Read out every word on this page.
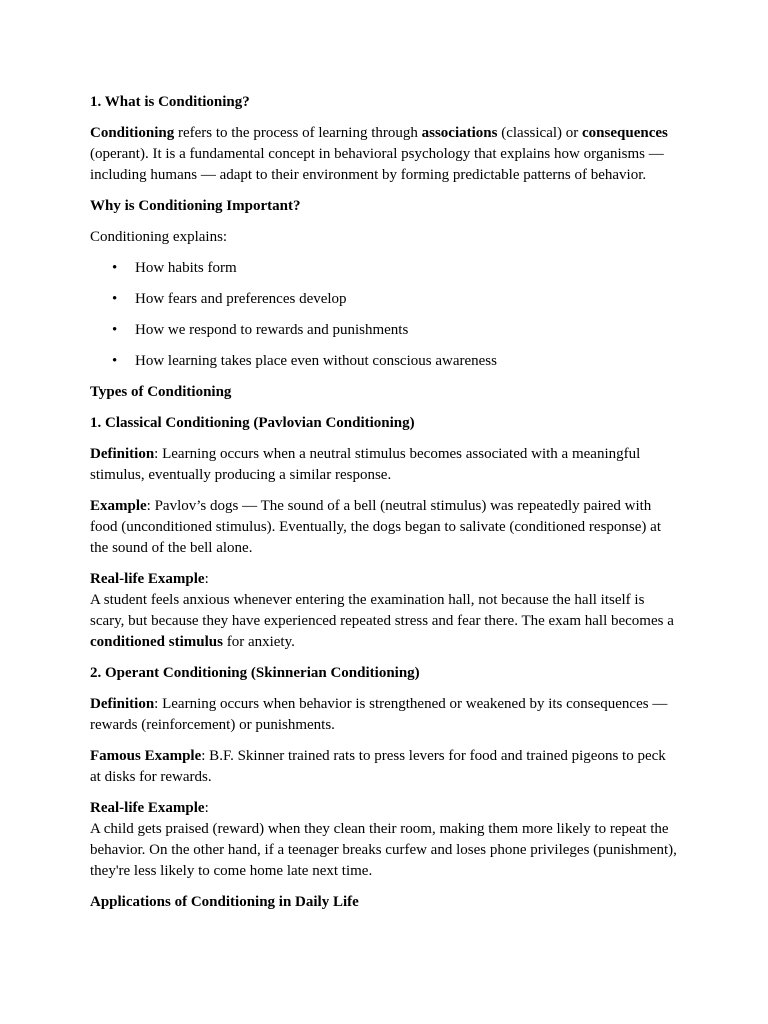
1. What is Conditioning?

Conditioning refers to the process of learning through associations (classical) or consequences (operant). It is a fundamental concept in behavioral psychology that explains how organisms — including humans — adapt to their environment by forming predictable patterns of behavior.

Why is Conditioning Important?

Conditioning explains:

• How habits form
• How fears and preferences develop
• How we respond to rewards and punishments
• How learning takes place even without conscious awareness
Types of Conditioning
1. Classical Conditioning (Pavlovian Conditioning)

Definition: Learning occurs when a neutral stimulus becomes associated with a meaningful stimulus, eventually producing a similar response.

Example: Pavlov’s dogs — The sound of a bell (neutral stimulus) was repeatedly paired with food (unconditioned stimulus). Eventually, the dogs began to salivate (conditioned response) at the sound of the bell alone.

Real-life Example:
A student feels anxious whenever entering the examination hall, not because the hall itself is scary, but because they have experienced repeated stress and fear there. The exam hall becomes a conditioned stimulus for anxiety.

2. Operant Conditioning (Skinnerian Conditioning)

Definition: Learning occurs when behavior is strengthened or weakened by its consequences — rewards (reinforcement) or punishments.

Famous Example: B.F. Skinner trained rats to press levers for food and trained pigeons to peck at disks for rewards.

Real-life Example:
A child gets praised (reward) when they clean their room, making them more likely to repeat the behavior. On the other hand, if a teenager breaks curfew and loses phone privileges (punishment), they're less likely to come home late next time.

Applications of Conditioning in Daily Life
